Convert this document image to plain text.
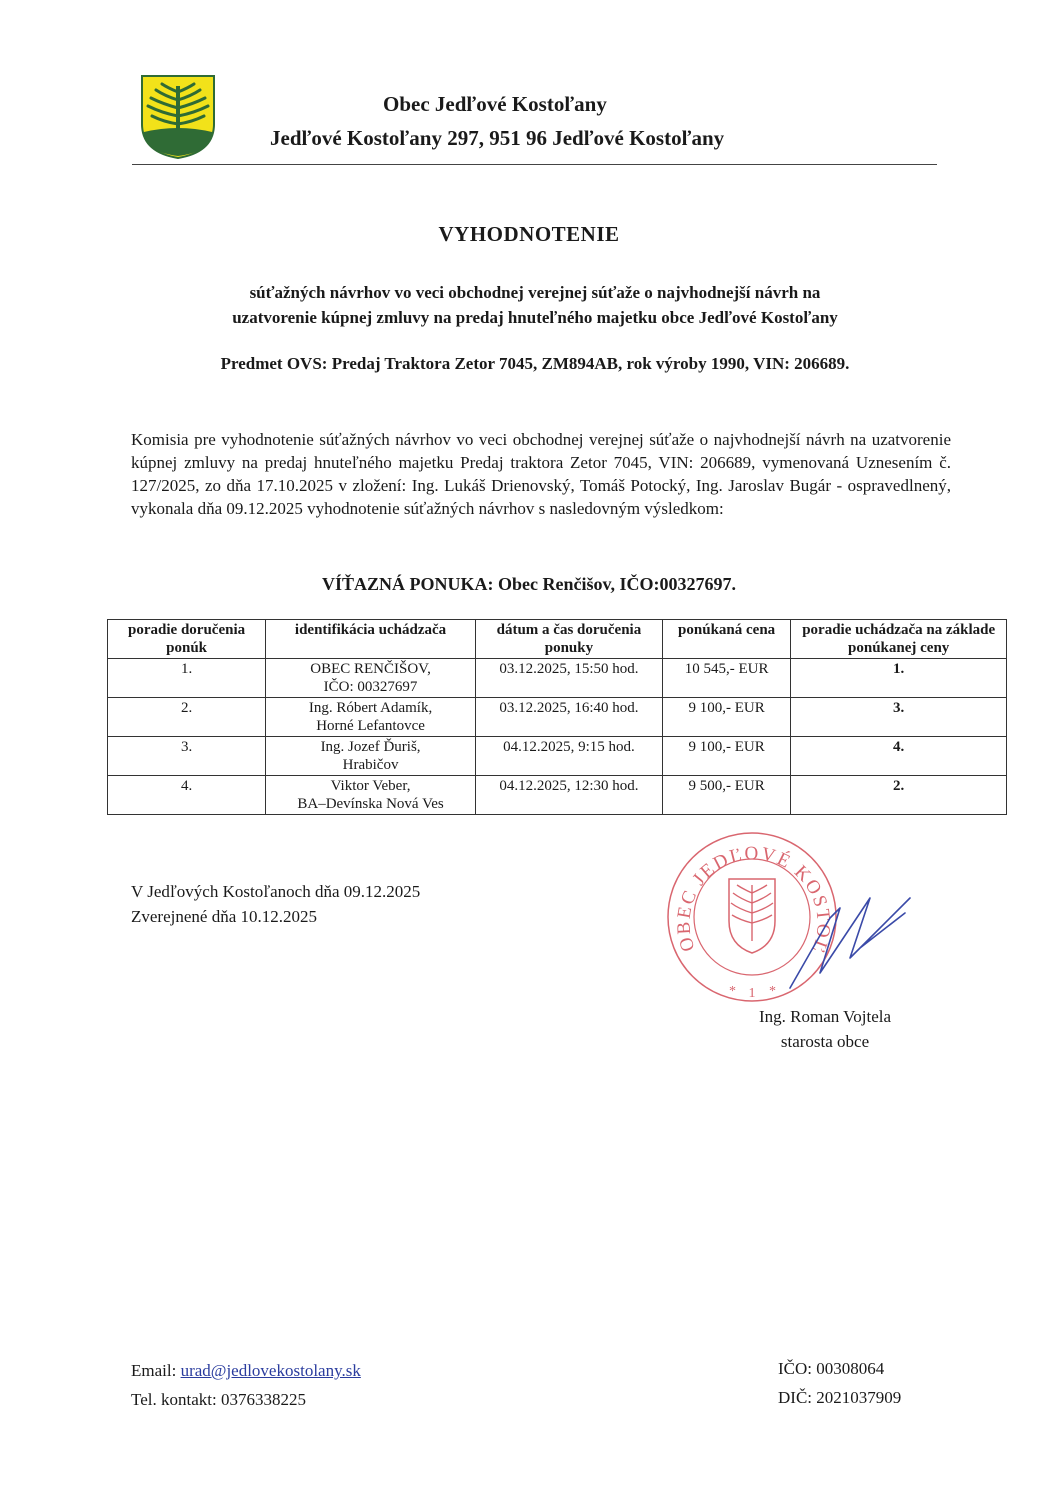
Obec Jedľové Kostoľany
Jedľové Kostoľany 297, 951 96 Jedľové Kostoľany
VYHODNOTENIE
súťažných návrhov vo veci obchodnej verejnej súťaže o najvhodnejší návrh na
uzatvorenie kúpnej zmluvy na predaj hnuteľného majetku obce Jedľové Kostoľany
Predmet OVS: Predaj Traktora Zetor 7045, ZM894AB, rok výroby 1990, VIN: 206689.
Komisia pre vyhodnotenie súťažných návrhov vo veci obchodnej verejnej súťaže o najvhodnejší návrh na uzatvorenie kúpnej zmluvy na predaj hnuteľného majetku Predaj traktora Zetor 7045, VIN: 206689, vymenovaná Uznesením č. 127/2025, zo dňa 17.10.2025 v zložení: Ing. Lukáš Drienovský, Tomáš Potocký, Ing. Jaroslav Bugár - ospravedlnený, vykonala dňa 09.12.2025 vyhodnotenie súťažných návrhov s nasledovným výsledkom:
VÍŤAZNÁ PONUKA: Obec Renčišov, IČO:00327697.
poradie doručenia ponúk	identifikácia uchádzača	dátum a čas doručenia ponuky	ponúkaná cena	poradie uchádzača na základe ponúkanej ceny
1.	OBEC RENČIŠOV,
IČO: 00327697	03.12.2025, 15:50 hod.	10 545,- EUR	1.
2.	Ing. Róbert Adamík,
Horné Lefantovce	03.12.2025, 16:40 hod.	9 100,- EUR	3.
3.	Ing. Jozef Ďuriš,
Hrabičov	04.12.2025, 9:15 hod.	9 100,- EUR	4.
4.	Viktor Veber,
BA–Devínska Nová Ves	04.12.2025, 12:30 hod.	9 500,- EUR	2.
V Jedľových Kostoľanoch dňa 09.12.2025
Zverejnené dňa 10.12.2025
OBEC JEDĽOVÉ KOSTOĽ
* 1 *
Ing. Roman Vojtela
starosta obce
Email: urad@jedlovekostolany.sk
Tel. kontakt: 0376338225
IČO: 00308064
DIČ: 2021037909
